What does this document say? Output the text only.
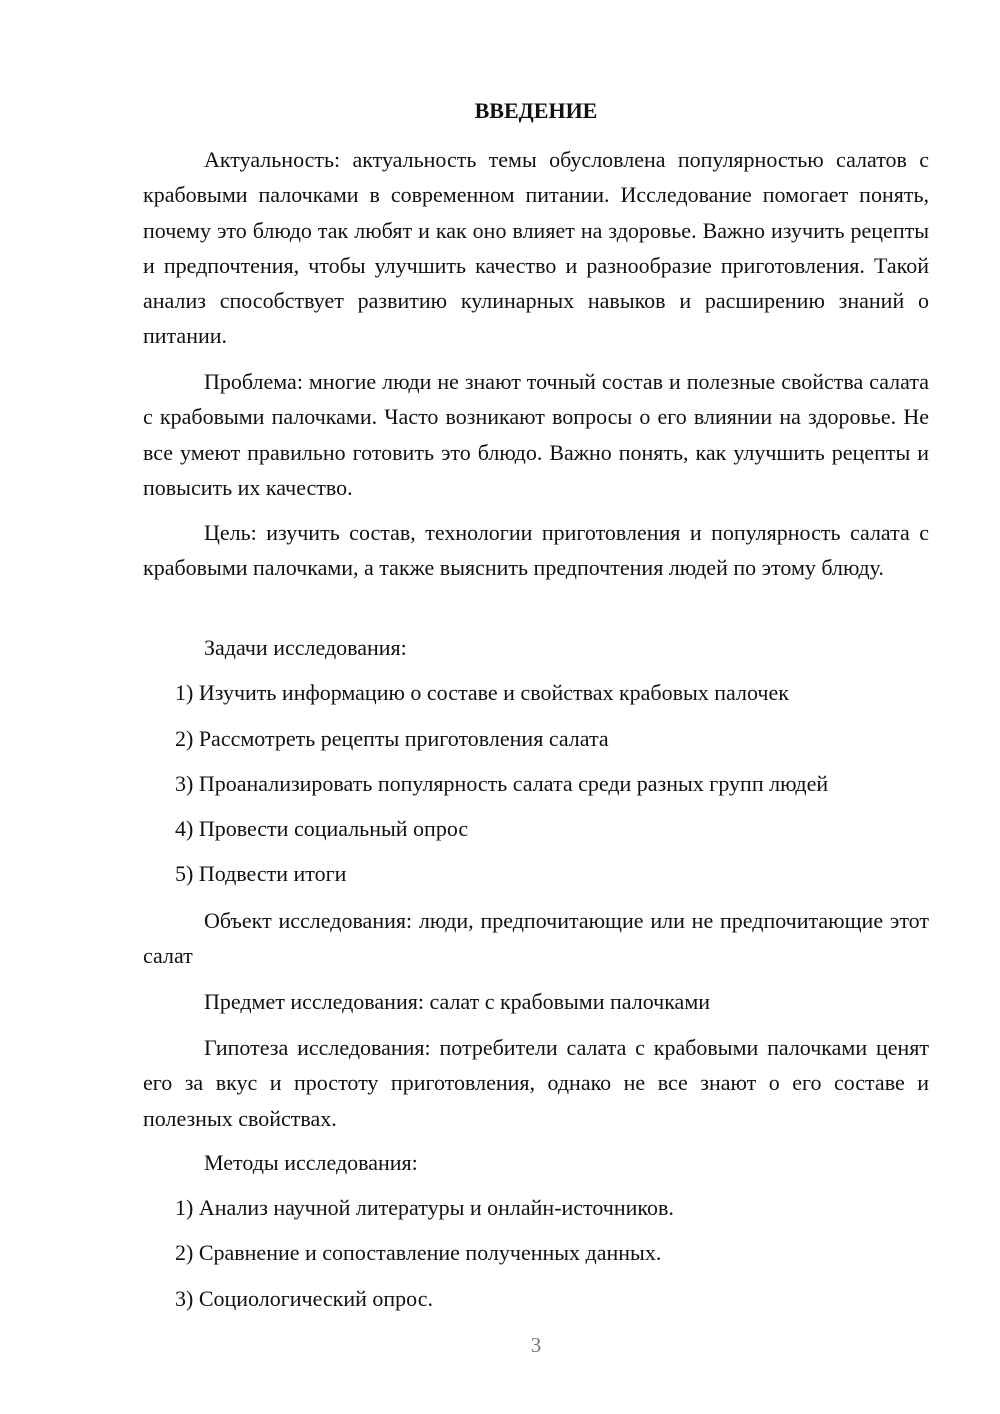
ВВЕДЕНИЕ

Актуальность: актуальность темы обусловлена популярностью салатов с крабовыми палочками в современном питании. Исследование помогает понять, почему это блюдо так любят и как оно влияет на здоровье. Важно изучить рецепты и предпочтения, чтобы улучшить качество и разнообразие приготовления. Такой анализ способствует развитию кулинарных навыков и расширению знаний о питании.

Проблема: многие люди не знают точный состав и полезные свойства салата с крабовыми палочками. Часто возникают вопросы о его влиянии на здоровье. Не все умеют правильно готовить это блюдо. Важно понять, как улучшить рецепты и повысить их качество.

Цель: изучить состав, технологии приготовления и популярность салата с крабовыми палочками, а также выяснить предпочтения людей по этому блюду.

Задачи исследования:

1) Изучить информацию о составе и свойствах крабовых палочек

2) Рассмотреть рецепты приготовления салата

3) Проанализировать популярность салата среди разных групп людей

4) Провести социальный опрос

5) Подвести итоги

Объект исследования: люди, предпочитающие или не предпочитающие этот салат

Предмет исследования: салат с крабовыми палочками

Гипотеза исследования: потребители салата с крабовыми палочками ценят его за вкус и простоту приготовления, однако не все знают о его составе и полезных свойствах.

Методы исследования:

1) Анализ научной литературы и онлайн-источников.

2) Сравнение и сопоставление полученных данных.

3) Социологический опрос.

3
